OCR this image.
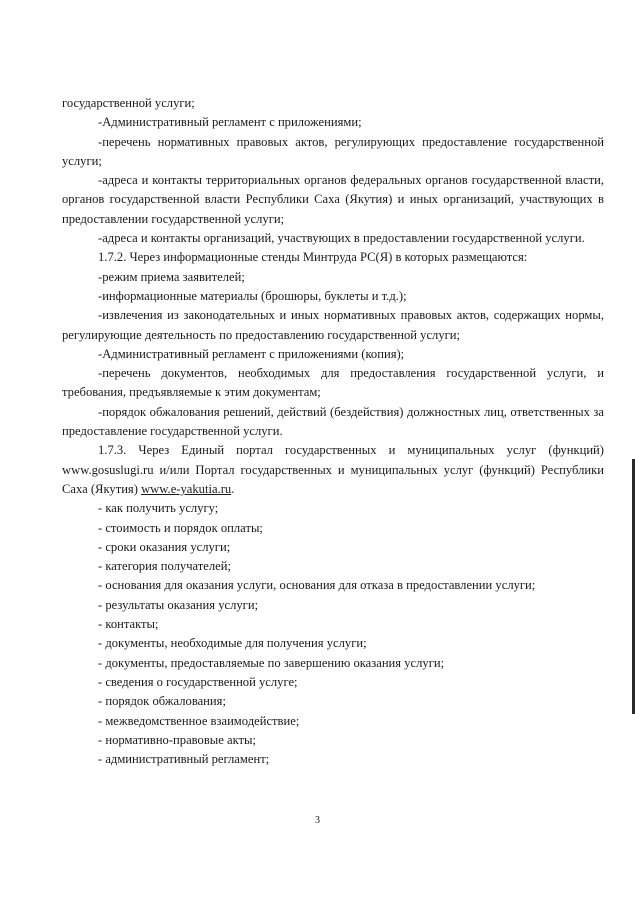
государственной услуги;

-Административный регламент с приложениями;

-перечень нормативных правовых актов, регулирующих предоставление государственной услуги;

-адреса и контакты территориальных органов федеральных органов государственной власти, органов государственной власти Республики Саха (Якутия) и иных организаций, участвующих в предоставлении государственной услуги;

-адреса и контакты организаций, участвующих в предоставлении государственной услуги.

1.7.2. Через информационные стенды Минтруда РС(Я) в которых размещаются:

-режим приема заявителей;

-информационные материалы (брошюры, буклеты и т.д.);

-извлечения из законодательных и иных нормативных правовых актов, содержащих нормы, регулирующие деятельность по предоставлению государственной услуги;

-Административный регламент с приложениями (копия);

-перечень документов, необходимых для предоставления государственной услуги, и требования, предъявляемые к этим документам;

-порядок обжалования решений, действий (бездействия) должностных лиц, ответственных за предоставление государственной услуги.

1.7.3. Через Единый портал государственных и муниципальных услуг (функций) www.gosuslugi.ru и/или Портал государственных и муниципальных услуг (функций) Республики Саха (Якутия) www.e-yakutia.ru.

- как получить услугу;

- стоимость и порядок оплаты;

- сроки оказания услуги;

- категория получателей;

- основания для оказания услуги, основания для отказа в предоставлении услуги;

- результаты оказания услуги;

- контакты;

- документы, необходимые для получения услуги;

- документы, предоставляемые по завершению оказания услуги;

- сведения о государственной услуге;

- порядок обжалования;

- межведомственное взаимодействие;

- нормативно-правовые акты;

- административный регламент;

3
